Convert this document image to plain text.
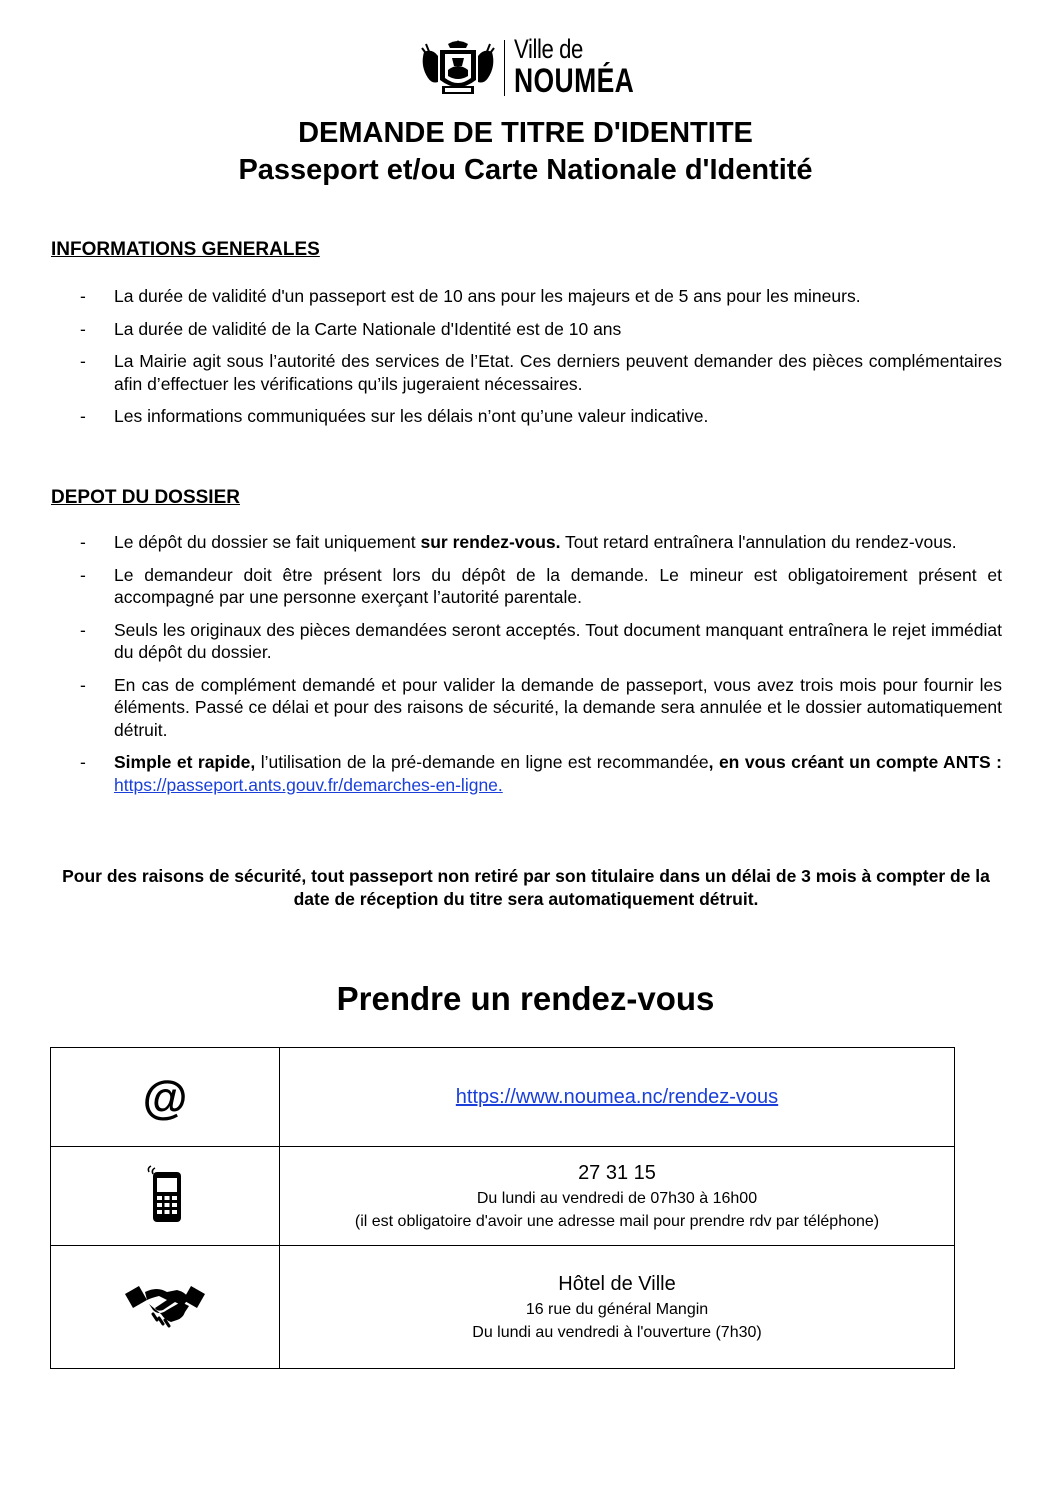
Ville de
NOUMÉA
DEMANDE DE TITRE D'IDENTITE
Passeport et/ou Carte Nationale d'Identité
INFORMATIONS GENERALES
- La durée de validité d'un passeport est de 10 ans pour les majeurs et de 5 ans pour les mineurs.
- La durée de validité de la Carte Nationale d'Identité est de 10 ans
- La Mairie agit sous l’autorité des services de l’Etat. Ces derniers peuvent demander des pièces complémentaires afin d’effectuer les vérifications qu’ils jugeraient nécessaires.
- Les informations communiquées sur les délais n’ont qu’une valeur indicative.
DEPOT DU DOSSIER
- Le dépôt du dossier se fait uniquement sur rendez-vous. Tout retard entraînera l'annulation du rendez-vous.
- Le demandeur doit être présent lors du dépôt de la demande. Le mineur est obligatoirement présent et accompagné par une personne exerçant l’autorité parentale.
- Seuls les originaux des pièces demandées seront acceptés. Tout document manquant entraînera le rejet immédiat du dépôt du dossier.
- En cas de complément demandé et pour valider la demande de passeport, vous avez trois mois pour fournir les éléments. Passé ce délai et pour des raisons de sécurité, la demande sera annulée et le dossier automatiquement détruit.
- Simple et rapide, l’utilisation de la pré-demande en ligne est recommandée, en vous créant un compte ANTS : https://passeport.ants.gouv.fr/demarches-en-ligne.
Pour des raisons de sécurité, tout passeport non retiré par son titulaire dans un délai de 3 mois à compter de la date de réception du titre sera automatiquement détruit.
Prendre un rendez-vous
@	https://www.noumea.nc/rendez-vous

27 31 15
Du lundi au vendredi de 07h30 à 16h00
(il est obligatoire d'avoir une adresse mail pour prendre rdv par téléphone)

Hôtel de Ville
16 rue du général Mangin
Du lundi au vendredi à l'ouverture (7h30)
